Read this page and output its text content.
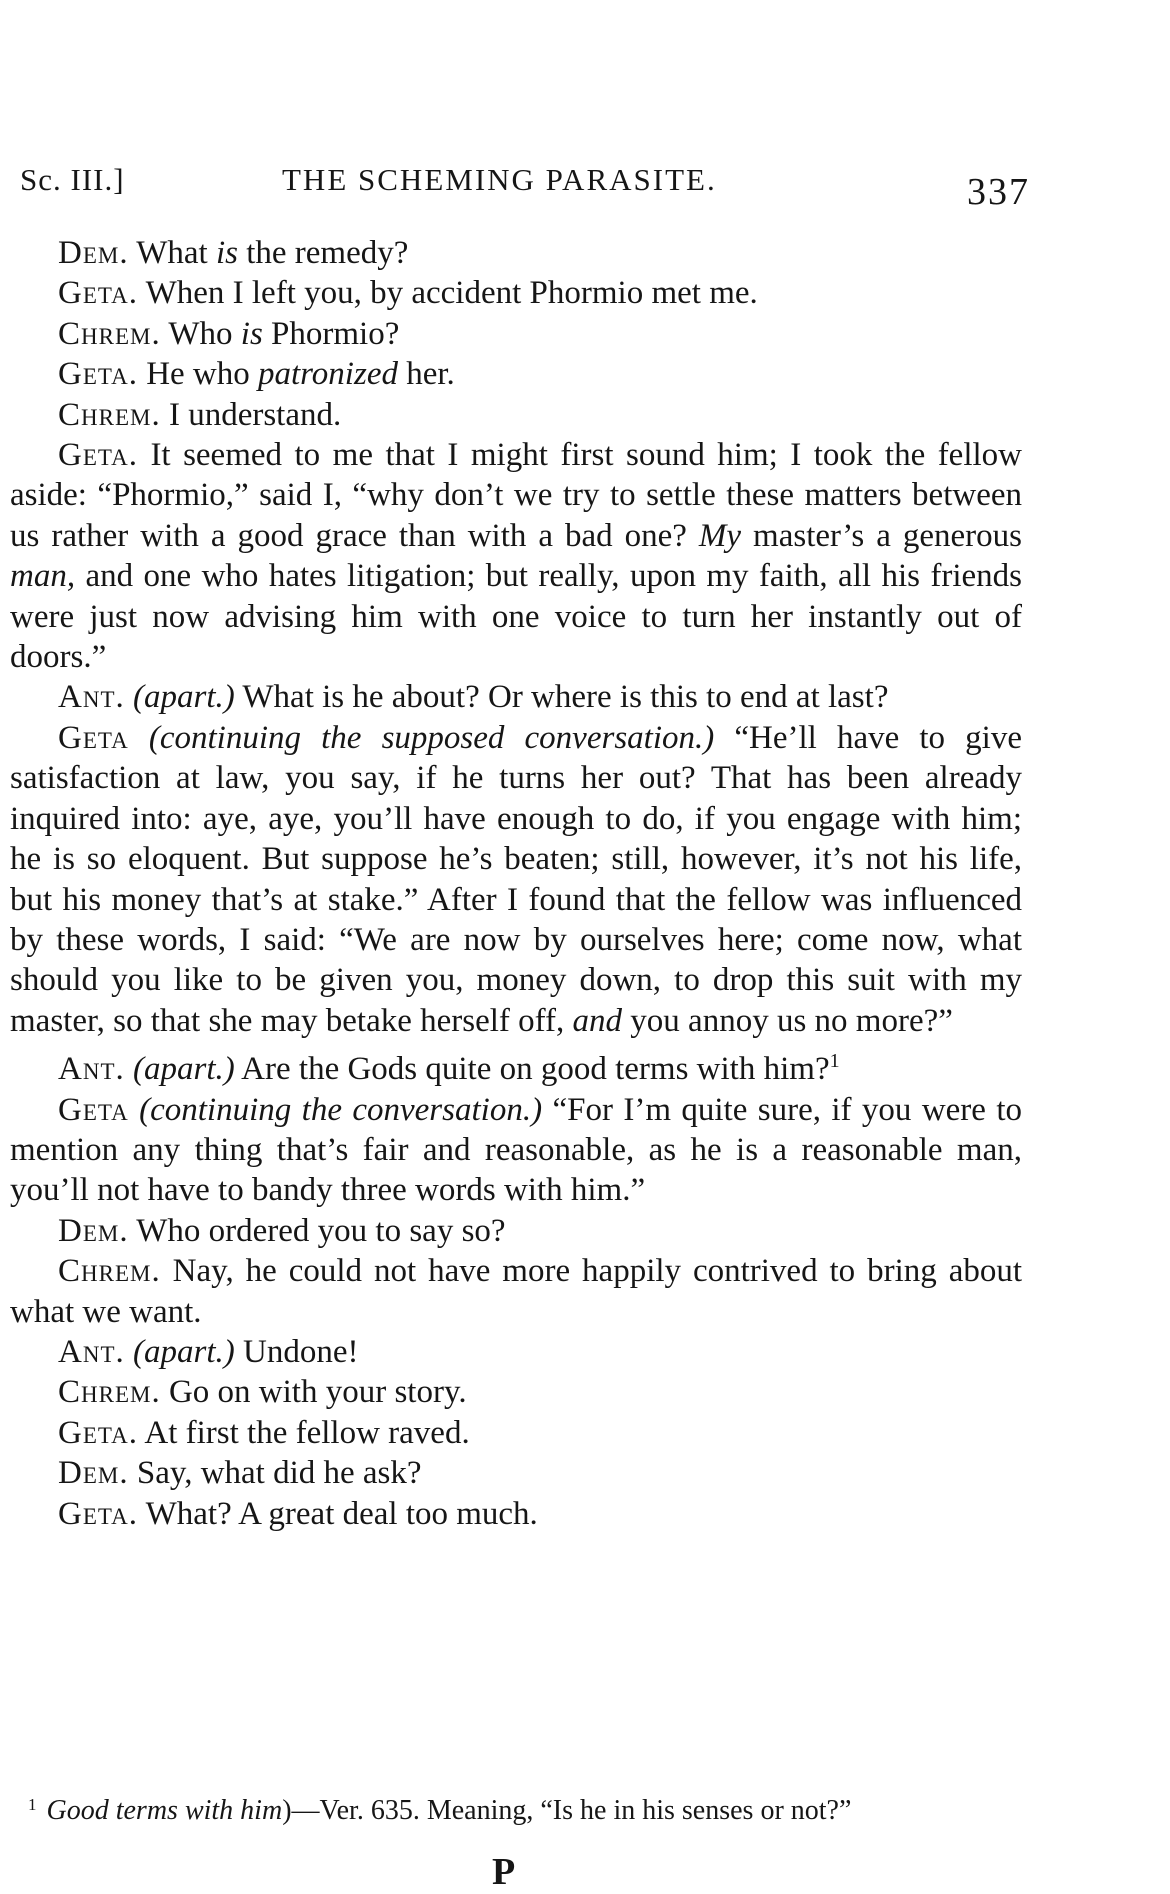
Sc. III.]	THE SCHEMING PARASITE.	337

Dem. What is the remedy?

Geta. When I left you, by accident Phormio met me.

Chrem. Who is Phormio?

Geta. He who patronized her.

Chrem. I understand.

Geta. It seemed to me that I might first sound him; I took the fellow aside: “Phormio,” said I, “why don’t we try to settle these matters between us rather with a good grace than with a bad one? My master’s a generous man, and one who hates litigation; but really, upon my faith, all his friends were just now advising him with one voice to turn her instantly out of doors.”

Ant. (apart.) What is he about? Or where is this to end at last?

Geta (continuing the supposed conversation.) “He’ll have to give satisfaction at law, you say, if he turns her out? That has been already inquired into: aye, aye, you’ll have enough to do, if you engage with him; he is so eloquent. But suppose he’s beaten; still, however, it’s not his life, but his money that’s at stake.” After I found that the fellow was influenced by these words, I said: “We are now by ourselves here; come now, what should you like to be given you, money down, to drop this suit with my master, so that she may betake herself off, and you annoy us no more?”

Ant. (apart.) Are the Gods quite on good terms with him?$^1$

Geta (continuing the conversation.) “For I’m quite sure, if you were to mention any thing that’s fair and reasonable, as he is a reasonable man, you’ll not have to bandy three words with him.”

Dem. Who ordered you to say so?

Chrem. Nay, he could not have more happily contrived to bring about what we want.

Ant. (apart.) Undone!

Chrem. Go on with your story.

Geta. At first the fellow raved.

Dem. Say, what did he ask?

Geta. What? A great deal too much.

$^1$ Good terms with him)—Ver. 635. Meaning, “Is he in his senses or not?”

P
